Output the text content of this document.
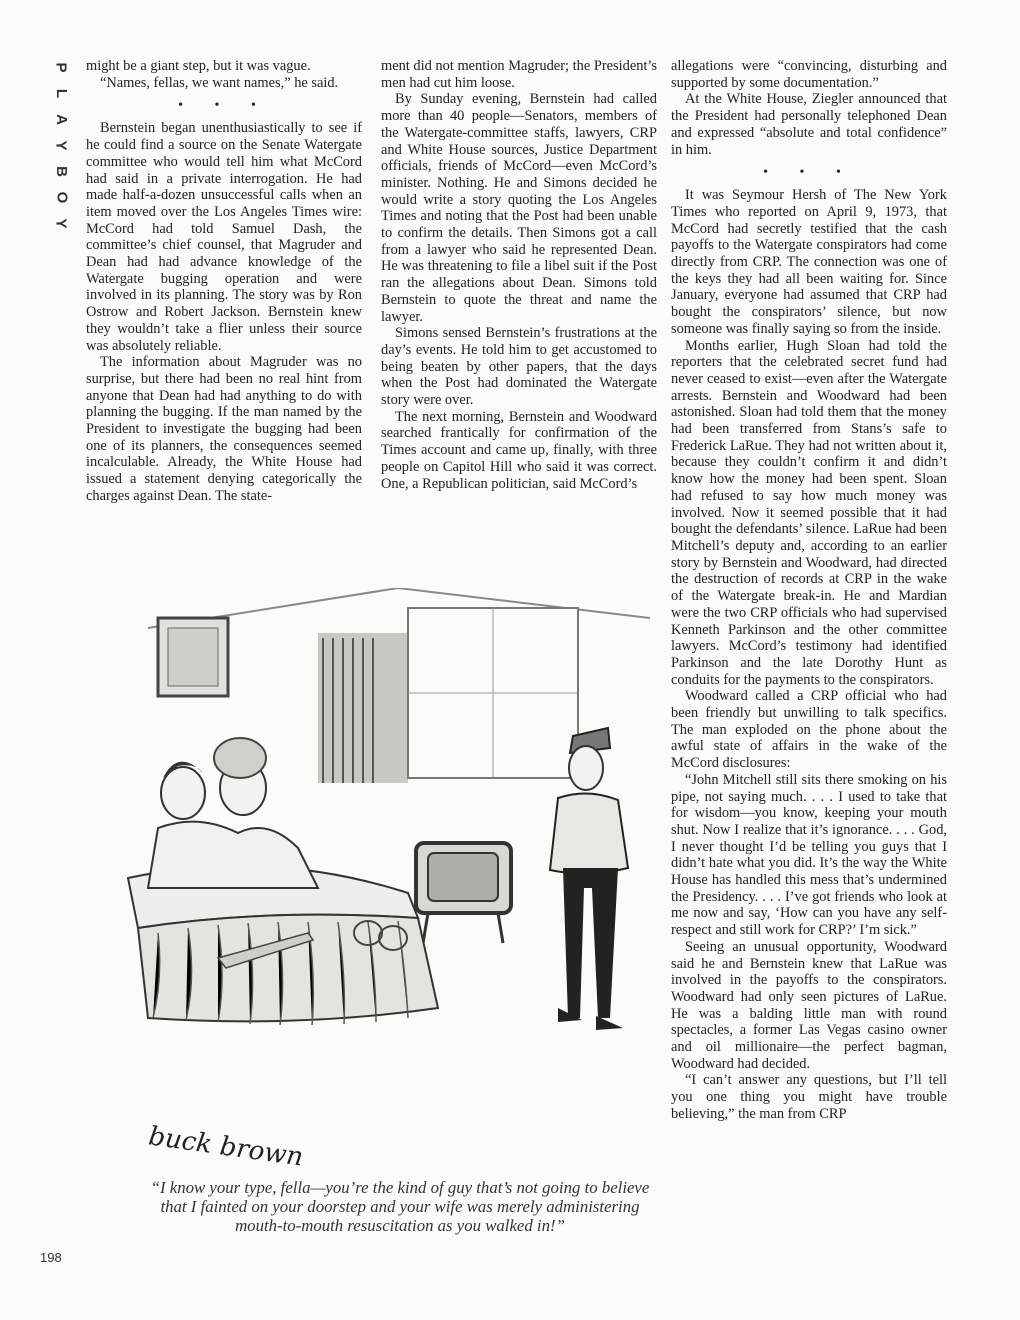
P
L
A
Y
B
O
Y

might be a giant step, but it was vague.

“Names, fellas, we want names,” he said.

• • •

Bernstein began unenthusiastically to see if he could find a source on the Senate Watergate committee who would tell him what McCord had said in a private interrogation. He had made half-a-dozen unsuccessful calls when an item moved over the Los Angeles Times wire: McCord had told Samuel Dash, the committee’s chief counsel, that Magruder and Dean had had advance knowledge of the Watergate bugging operation and were involved in its planning. The story was by Ron Ostrow and Robert Jackson. Bernstein knew they wouldn’t take a flier unless their source was absolutely reliable.

The information about Magruder was no surprise, but there had been no real hint from anyone that Dean had had anything to do with planning the bugging. If the man named by the President to investigate the bugging had been one of its planners, the consequences seemed incalculable. Already, the White House had issued a statement denying categorically the charges against Dean. The state-

ment did not mention Magruder; the President’s men had cut him loose.

By Sunday evening, Bernstein had called more than 40 people—Senators, members of the Watergate-committee staffs, lawyers, CRP and White House sources, Justice Department officials, friends of McCord—even McCord’s minister. Nothing. He and Simons decided he would write a story quoting the Los Angeles Times and noting that the Post had been unable to confirm the details. Then Simons got a call from a lawyer who said he represented Dean. He was threatening to file a libel suit if the Post ran the allegations about Dean. Simons told Bernstein to quote the threat and name the lawyer.

Simons sensed Bernstein’s frustrations at the day’s events. He told him to get accustomed to being beaten by other papers, that the days when the Post had dominated the Watergate story were over.

The next morning, Bernstein and Woodward searched frantically for confirmation of the Times account and came up, finally, with three people on Capitol Hill who said it was correct. One, a Republican politician, said McCord’s

allegations were “convincing, disturbing and supported by some documentation.”

At the White House, Ziegler announced that the President had personally telephoned Dean and expressed “absolute and total confidence” in him.

• • •

It was Seymour Hersh of The New York Times who reported on April 9, 1973, that McCord had secretly testified that the cash payoffs to the Watergate conspirators had come directly from CRP. The connection was one of the keys they had all been waiting for. Since January, everyone had assumed that CRP had bought the conspirators’ silence, but now someone was finally saying so from the inside.

Months earlier, Hugh Sloan had told the reporters that the celebrated secret fund had never ceased to exist—even after the Watergate arrests. Bernstein and Woodward had been astonished. Sloan had told them that the money had been transferred from Stans’s safe to Frederick LaRue. They had not written about it, because they couldn’t confirm it and didn’t know how the money had been spent. Sloan had refused to say how much money was involved. Now it seemed possible that it had bought the defendants’ silence. LaRue had been Mitchell’s deputy and, according to an earlier story by Bernstein and Woodward, had directed the destruction of records at CRP in the wake of the Watergate break-in. He and Mardian were the two CRP officials who had supervised Kenneth Parkinson and the other committee lawyers. McCord’s testimony had identified Parkinson and the late Dorothy Hunt as conduits for the payments to the conspirators.

Woodward called a CRP official who had been friendly but unwilling to talk specifics. The man exploded on the phone about the awful state of affairs in the wake of the McCord disclosures:

“John Mitchell still sits there smoking on his pipe, not saying much. . . . I used to take that for wisdom—you know, keeping your mouth shut. Now I realize that it’s ignorance. . . . God, I never thought I’d be telling you guys that I didn’t hate what you did. It’s the way the White House has handled this mess that’s undermined the Presidency. . . . I’ve got friends who look at me now and say, ‘How can you have any self-respect and still work for CRP?’ I’m sick.”

Seeing an unusual opportunity, Woodward said he and Bernstein knew that LaRue was involved in the payoffs to the conspirators. Woodward had only seen pictures of LaRue. He was a balding little man with round spectacles, a former Las Vegas casino owner and oil millionaire—the perfect bagman, Woodward had decided.

“I can’t answer any questions, but I’ll tell you one thing you might have trouble believing,” the man from CRP

buck brown
“I know your type, fella—you’re the kind of guy that’s not going to believe that I fainted on your doorstep and your wife was merely administering mouth-to-mouth resuscitation as you walked in!”
198
